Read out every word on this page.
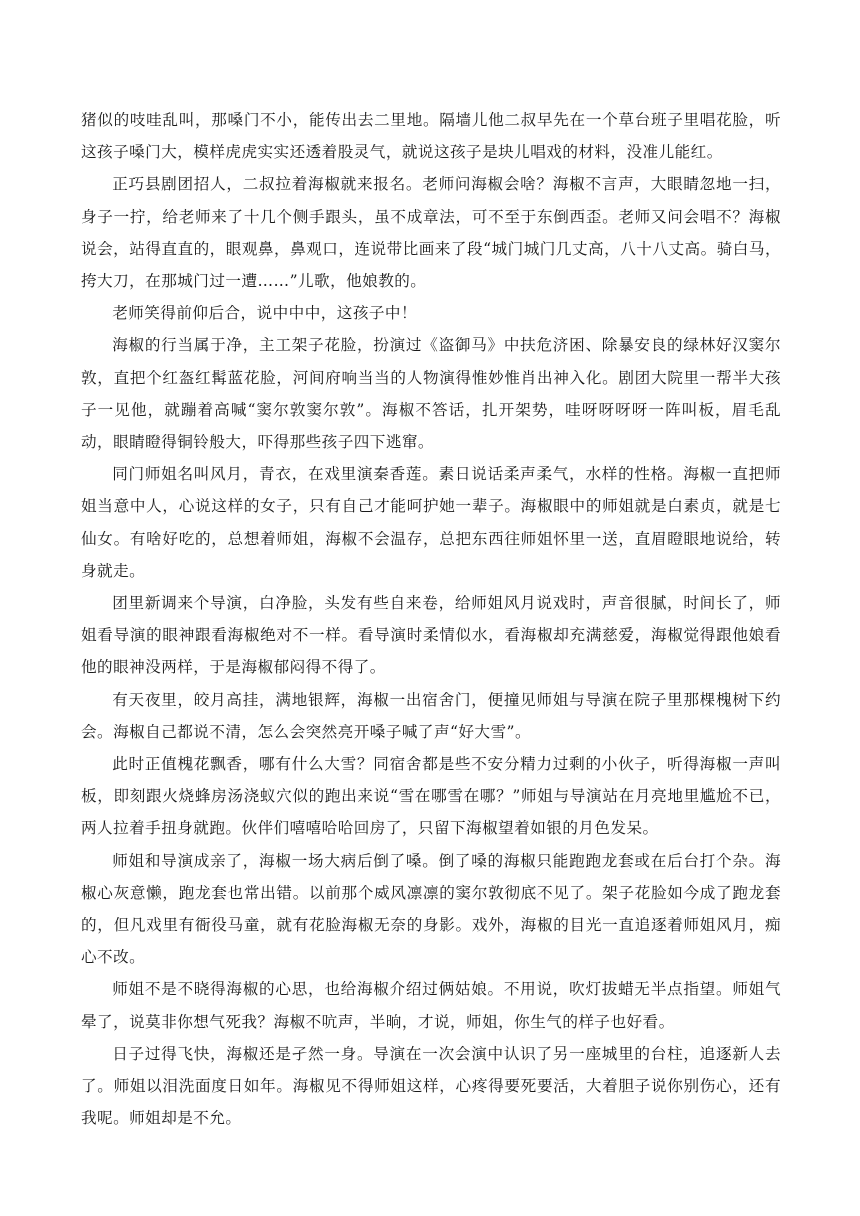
猪似的吱哇乱叫，那嗓门不小，能传出去二里地。隔墙儿他二叔早先在一个草台班子里唱花脸，听这孩子嗓门大，模样虎虎实实还透着股灵气，就说这孩子是块儿唱戏的材料，没准儿能红。

正巧县剧团招人，二叔拉着海椒就来报名。老师问海椒会啥？海椒不言声，大眼睛忽地一扫，身子一拧，给老师来了十几个侧手跟头，虽不成章法，可不至于东倒西歪。老师又问会唱不？海椒说会，站得直直的，眼观鼻，鼻观口，连说带比画来了段“城门城门几丈高，八十八丈高。骑白马，挎大刀，在那城门过一遭……”儿歌，他娘教的。

老师笑得前仰后合，说中中中，这孩子中！

海椒的行当属于净，主工架子花脸，扮演过《盗御马》中扶危济困、除暴安良的绿林好汉窦尔敦，直把个红盔红髯蓝花脸，河间府响当当的人物演得惟妙惟肖出神入化。剧团大院里一帮半大孩子一见他，就蹦着高喊“窦尔敦窦尔敦”。海椒不答话，扎开架势，哇呀呀呀呀一阵叫板，眉毛乱动，眼睛瞪得铜铃般大，吓得那些孩子四下逃窜。

同门师姐名叫风月，青衣，在戏里演秦香莲。素日说话柔声柔气，水样的性格。海椒一直把师姐当意中人，心说这样的女子，只有自己才能呵护她一辈子。海椒眼中的师姐就是白素贞，就是七仙女。有啥好吃的，总想着师姐，海椒不会温存，总把东西往师姐怀里一送，直眉瞪眼地说给，转身就走。

团里新调来个导演，白净脸，头发有些自来卷，给师姐风月说戏时，声音很腻，时间长了，师姐看导演的眼神跟看海椒绝对不一样。看导演时柔情似水，看海椒却充满慈爱，海椒觉得跟他娘看他的眼神没两样，于是海椒郁闷得不得了。

有天夜里，皎月高挂，满地银辉，海椒一出宿舍门，便撞见师姐与导演在院子里那棵槐树下约会。海椒自己都说不清，怎么会突然亮开嗓子喊了声“好大雪”。

此时正值槐花飘香，哪有什么大雪？同宿舍都是些不安分精力过剩的小伙子，听得海椒一声叫板，即刻跟火烧蜂房汤浇蚁穴似的跑出来说“雪在哪雪在哪？”师姐与导演站在月亮地里尴尬不已，两人拉着手扭身就跑。伙伴们嘻嘻哈哈回房了，只留下海椒望着如银的月色发呆。

师姐和导演成亲了，海椒一场大病后倒了嗓。倒了嗓的海椒只能跑跑龙套或在后台打个杂。海椒心灰意懒，跑龙套也常出错。以前那个威风凛凛的窦尔敦彻底不见了。架子花脸如今成了跑龙套的，但凡戏里有衙役马童，就有花脸海椒无奈的身影。戏外，海椒的目光一直追逐着师姐风月，痴心不改。

师姐不是不晓得海椒的心思，也给海椒介绍过俩姑娘。不用说，吹灯拔蜡无半点指望。师姐气晕了，说莫非你想气死我？海椒不吭声，半晌，才说，师姐，你生气的样子也好看。

日子过得飞快，海椒还是孑然一身。导演在一次会演中认识了另一座城里的台柱，追逐新人去了。师姐以泪洗面度日如年。海椒见不得师姐这样，心疼得要死要活，大着胆子说你别伤心，还有我呢。师姐却是不允。
